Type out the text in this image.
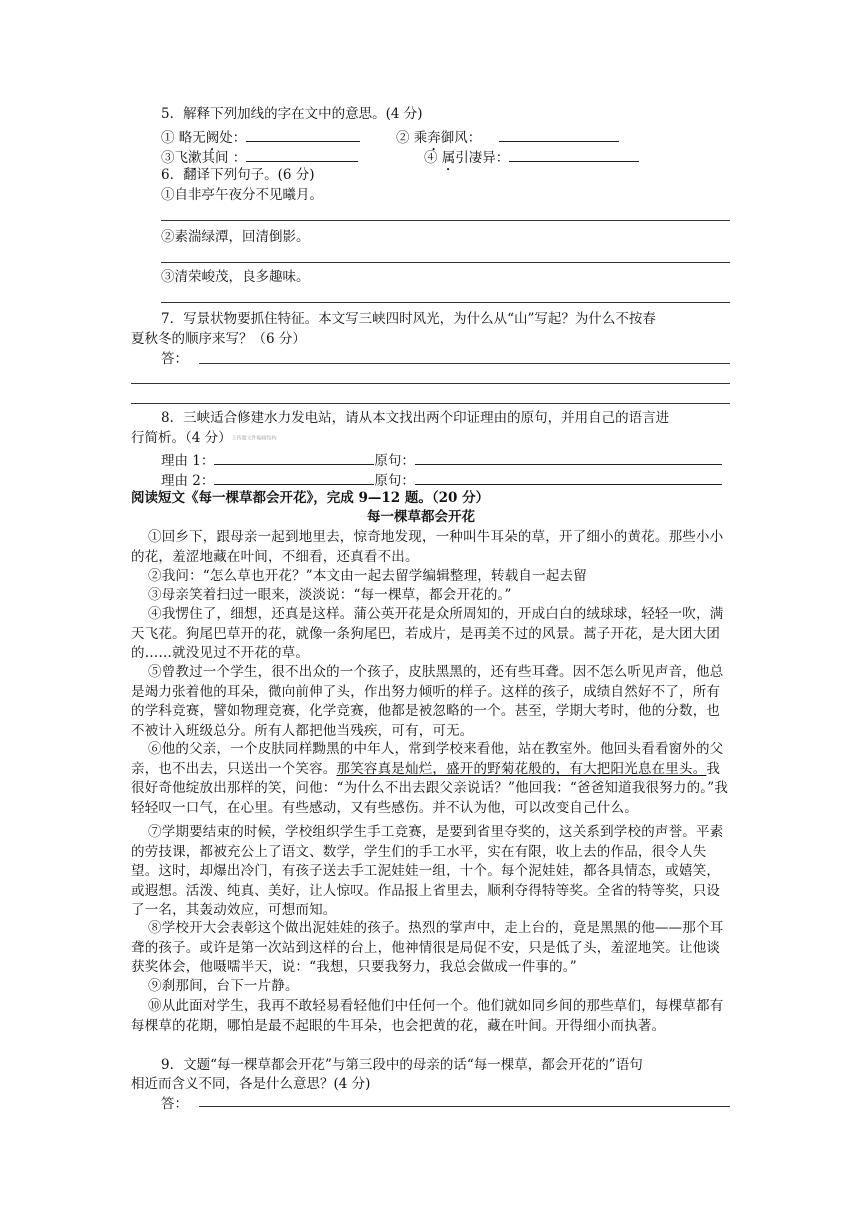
5．解释下列加线的字在文中的意思。(4 分)
① 略无阙处：	② 乘奔御风：
③飞漱其间 ：	④ 属引凄异：
6．翻译下列句子。(6 分)
①自非亭午夜分不见曦月。
②素湍绿潭，回清倒影。
③清荣峻茂，良多趣味。
7．写景状物要抓住特征。本文写三峡四时风光，为什么从“山”写起？为什么不按春
夏秋冬的顺序来写？（6 分）
答：
8．三峡适合修建水力发电站，请从本文找出两个印证理由的原句，并用自己的语言进
行简析。（4 分）上传题文件编辑结构
理由 1：	原句：
理由 2：	原句：
阅读短文《每一棵草都会开花》，完成 9—12 题。（20 分）
每一棵草都会开花
①回乡下，跟母亲一起到地里去，惊奇地发现，一种叫牛耳朵的草，开了细小的黄花。那些小小的花，羞涩地藏在叶间，不细看，还真看不出。
②我问：“怎么草也开花？”本文由一起去留学编辑整理，转载自一起去留
③母亲笑着扫过一眼来，淡淡说：“每一棵草，都会开花的。”
④我愣住了，细想，还真是这样。蒲公英开花是众所周知的，开成白白的绒球球，轻轻一吹，满天飞花。狗尾巴草开的花，就像一条狗尾巴，若成片，是再美不过的风景。蒿子开花，是大团大团的……就没见过不开花的草。
⑤曾教过一个学生，很不出众的一个孩子，皮肤黑黑的，还有些耳聋。因不怎么听见声音，他总是竭力张着他的耳朵，微向前伸了头，作出努力倾听的样子。这样的孩子，成绩自然好不了，所有的学科竞赛，譬如物理竞赛，化学竞赛，他都是被忽略的一个。甚至，学期大考时，他的分数，也不被计入班级总分。所有人都把他当残疾，可有，可无。
⑥他的父亲，一个皮肤同样黝黑的中年人，常到学校来看他，站在教室外。他回头看看窗外的父亲，也不出去，只送出一个笑容。那笑容真是灿烂，盛开的野菊花般的，有大把阳光息在里头。我很好奇他绽放出那样的笑，问他：“为什么不出去跟父亲说话？”他回我：“爸爸知道我很努力的。”我轻轻叹一口气，在心里。有些感动，又有些感伤。并不认为他，可以改变自己什么。
⑦学期要结束的时候，学校组织学生手工竞赛，是要到省里夺奖的，这关系到学校的声誉。平素的劳技课，都被充公上了语文、数学，学生们的手工水平，实在有限，收上去的作品，很令人失望。这时，却爆出冷门，有孩子送去手工泥娃娃一组，十个。每个泥娃娃，都各具情态，或嬉笑，或遐想。活泼、纯真、美好，让人惊叹。作品报上省里去，顺利夺得特等奖。全省的特等奖，只设了一名，其轰动效应，可想而知。
⑧学校开大会表彰这个做出泥娃娃的孩子。热烈的掌声中，走上台的，竟是黑黑的他——那个耳聋的孩子。或许是第一次站到这样的台上，他神情很是局促不安，只是低了头，羞涩地笑。让他谈获奖体会，他嗫嚅半天，说：“我想，只要我努力，我总会做成一件事的。”
⑨刹那间，台下一片静。
⑩从此面对学生，我再不敢轻易看轻他们中任何一个。他们就如同乡间的那些草们，每棵草都有每棵草的花期，哪怕是最不起眼的牛耳朵，也会把黄的花，藏在叶间。开得细小而执著。
9．文题“每一棵草都会开花”与第三段中的母亲的话“每一棵草，都会开花的”语句
相近而含义不同，各是什么意思？(4 分)
答：
